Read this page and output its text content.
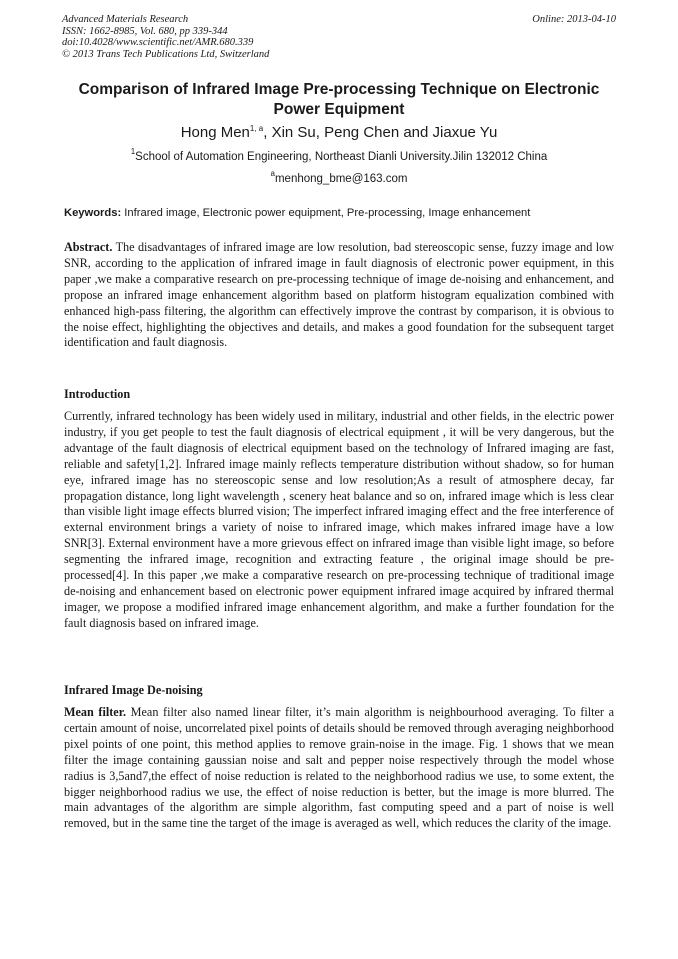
Advanced Materials Research
ISSN: 1662-8985, Vol. 680, pp 339-344
doi:10.4028/www.scientific.net/AMR.680.339
© 2013 Trans Tech Publications Ltd, Switzerland
Online: 2013-04-10
Comparison of Infrared Image Pre-processing Technique on Electronic Power Equipment
Hong Men$^{1, a}$, Xin Su, Peng Chen and Jiaxue Yu
$^1$School of Automation Engineering, Northeast Dianli University.Jilin 132012 China
$^a$menhong_bme@163.com
Keywords: Infrared image, Electronic power equipment, Pre-processing, Image enhancement
Abstract. The disadvantages of infrared image are low resolution, bad stereoscopic sense, fuzzy image and low SNR, according to the application of infrared image in fault diagnosis of electronic power equipment, in this paper ,we make a comparative research on pre-processing technique of image de-noising and enhancement, and propose an infrared image enhancement algorithm based on platform histogram equalization combined with enhanced high-pass filtering, the algorithm can effectively improve the contrast by comparison, it is obvious to the noise effect, highlighting the objectives and details, and makes a good foundation for the subsequent target identification and fault diagnosis.
Introduction
Currently, infrared technology has been widely used in military, industrial and other fields, in the electric power industry, if you get people to test the fault diagnosis of electrical equipment , it will be very dangerous, but the advantage of the fault diagnosis of electrical equipment based on the technology of Infrared imaging are fast, reliable and safety[1,2]. Infrared image mainly reflects temperature distribution without shadow, so for human eye, infrared image has no stereoscopic sense and low resolution;As a result of atmosphere decay, far propagation distance, long light wavelength , scenery heat balance and so on, infrared image which is less clear than visible light image effects blurred vision; The imperfect infrared imaging effect and the free interference of external environment brings a variety of noise to infrared image, which makes infrared image have a low SNR[3]. External environment have a more grievous effect on infrared image than visible light image, so before segmenting the infrared image, recognition and extracting feature , the original image should be pre-processed[4]. In this paper ,we make a comparative research on pre-processing technique of traditional image de-noising and enhancement based on electronic power equipment infrared image acquired by infrared thermal imager, we propose a modified infrared image enhancement algorithm, and make a further foundation for the fault diagnosis based on infrared image.
Infrared Image De-noising
Mean filter. Mean filter also named linear filter, it’s main algorithm is neighbourhood averaging. To filter a certain amount of noise, uncorrelated pixel points of details should be removed through averaging neighborhood pixel points of one point, this method applies to remove grain-noise in the image. Fig. 1 shows that we mean filter the image containing gaussian noise and salt and pepper noise respectively through the model whose radius is 3,5and7,the effect of noise reduction is related to the neighborhood radius we use, to some extent, the bigger neighborhood radius we use, the effect of noise reduction is better, but the image is more blurred. The main advantages of the algorithm are simple algorithm, fast computing speed and a part of noise is well removed, but in the same tine the target of the image is averaged as well, which reduces the clarity of the image.
